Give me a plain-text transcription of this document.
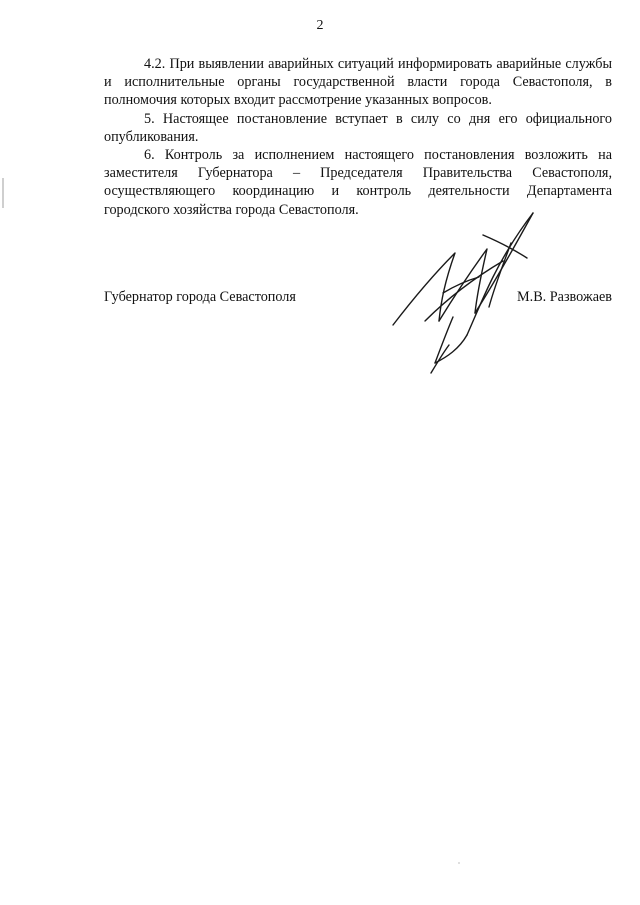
2

4.2. При выявлении аварийных ситуаций информировать аварийные службы и исполнительные органы государственной власти города Севастополя, в полномочия которых входит рассмотрение указанных вопросов.

5. Настоящее постановление вступает в силу со дня его официального опубликования.

6. Контроль за исполнением настоящего постановления возложить на заместителя Губернатора – Председателя Правительства Севастополя, осуществляющего координацию и контроль деятельности Департамента городского хозяйства города Севастополя.

Губернатор города Севастополя	М.В. Развожаев
